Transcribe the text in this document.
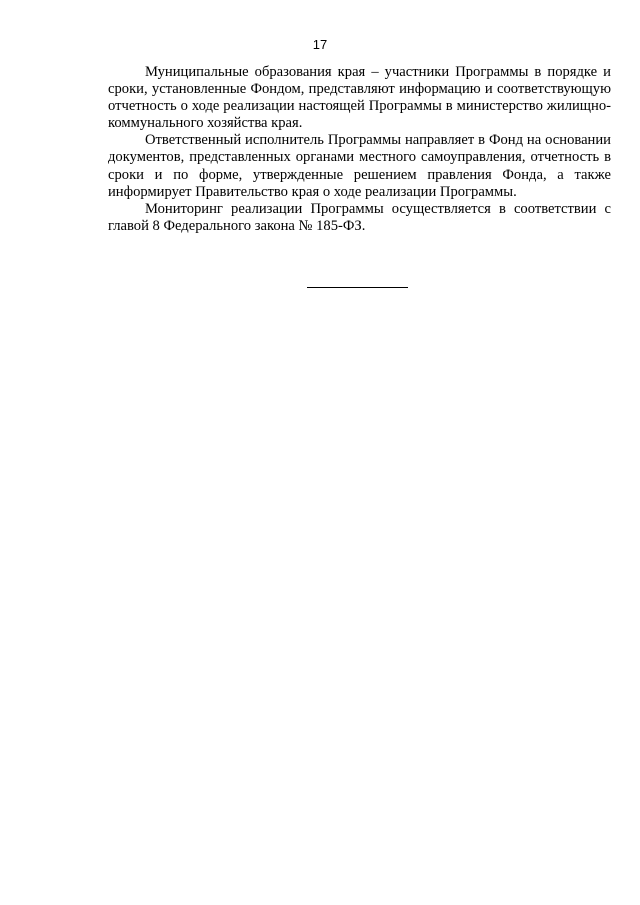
17

Муниципальные образования края – участники Программы в порядке и сроки, установленные Фондом, представляют информацию и соответствующую отчетность о ходе реализации настоящей Программы в министерство жилищно-коммунального хозяйства края.

Ответственный исполнитель Программы направляет в Фонд на основании документов, представленных органами местного самоуправления, отчетность в сроки и по форме, утвержденные решением правления Фонда, а также информирует Правительство края о ходе реализации Программы.

Мониторинг реализации Программы осуществляется в соответствии с главой 8 Федерального закона № 185-ФЗ.
